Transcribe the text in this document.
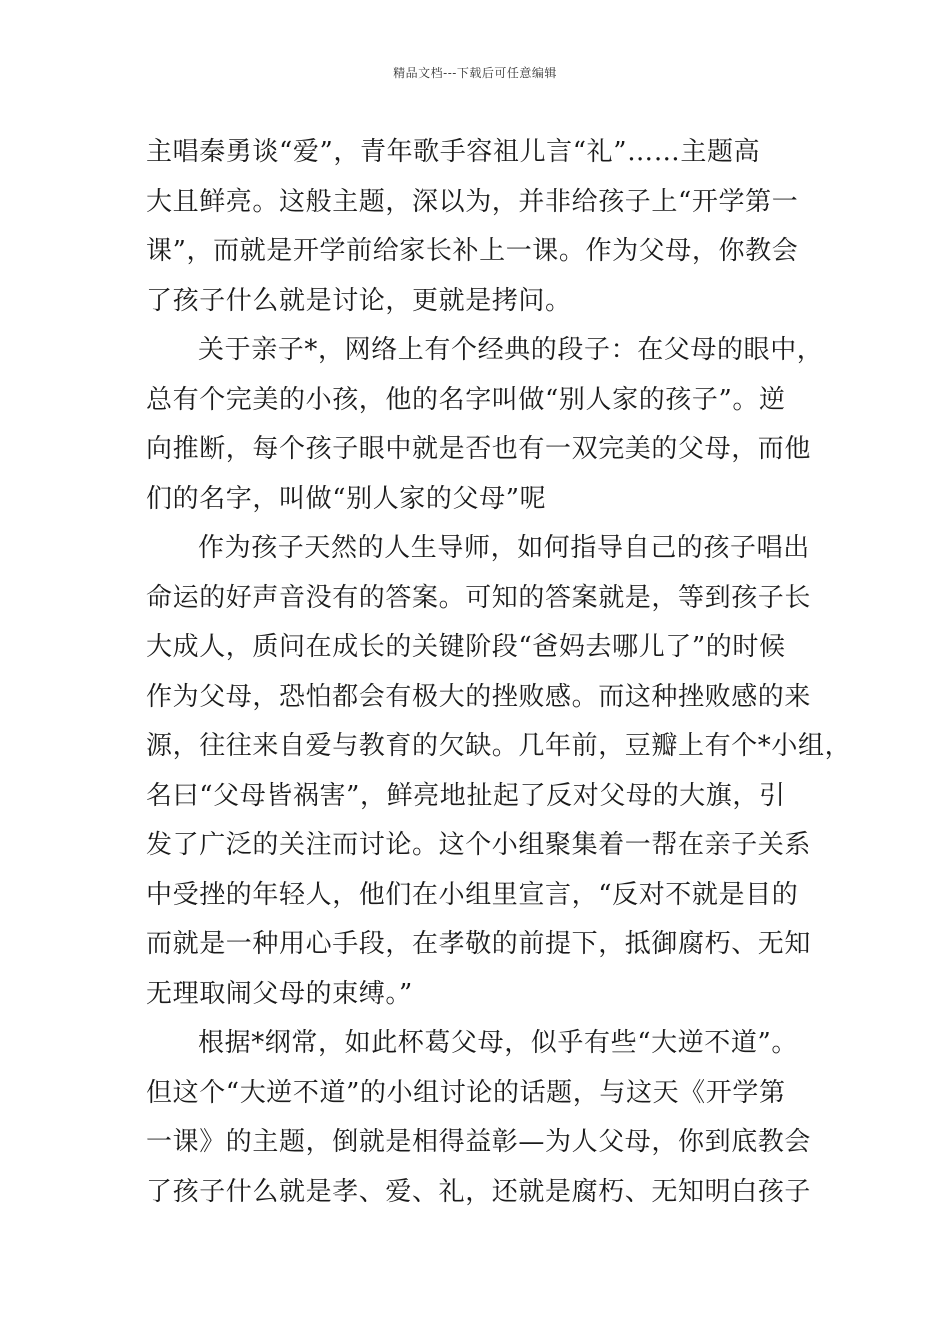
精品文档---下载后可任意编辑
主唱秦勇谈“爱”，青年歌手容祖儿言“礼”……主题高
大且鲜亮。这般主题，深以为，并非给孩子上“开学第一
课”，而就是开学前给家长补上一课。作为父母，你教会
了孩子什么就是讨论，更就是拷问。
关于亲子*，网络上有个经典的段子：在父母的眼中，
总有个完美的小孩，他的名字叫做“别人家的孩子”。逆
向推断，每个孩子眼中就是否也有一双完美的父母，而他
们的名字，叫做“别人家的父母”呢
作为孩子天然的人生导师，如何指导自己的孩子唱出
命运的好声音没有的答案。可知的答案就是，等到孩子长
大成人，质问在成长的关键阶段“爸妈去哪儿了”的时候
作为父母，恐怕都会有极大的挫败感。而这种挫败感的来
源，往往来自爱与教育的欠缺。几年前，豆瓣上有个*小组，
名曰“父母皆祸害”，鲜亮地扯起了反对父母的大旗，引
发了广泛的关注而讨论。这个小组聚集着一帮在亲子关系
中受挫的年轻人，他们在小组里宣言，“反对不就是目的
而就是一种用心手段，在孝敬的前提下，抵御腐朽、无知
无理取闹父母的束缚。”
根据*纲常，如此杯葛父母，似乎有些“大逆不道”。
但这个“大逆不道”的小组讨论的话题，与这天《开学第
一课》的主题，倒就是相得益彰—为人父母，你到底教会
了孩子什么就是孝、爱、礼，还就是腐朽、无知明白孩子
